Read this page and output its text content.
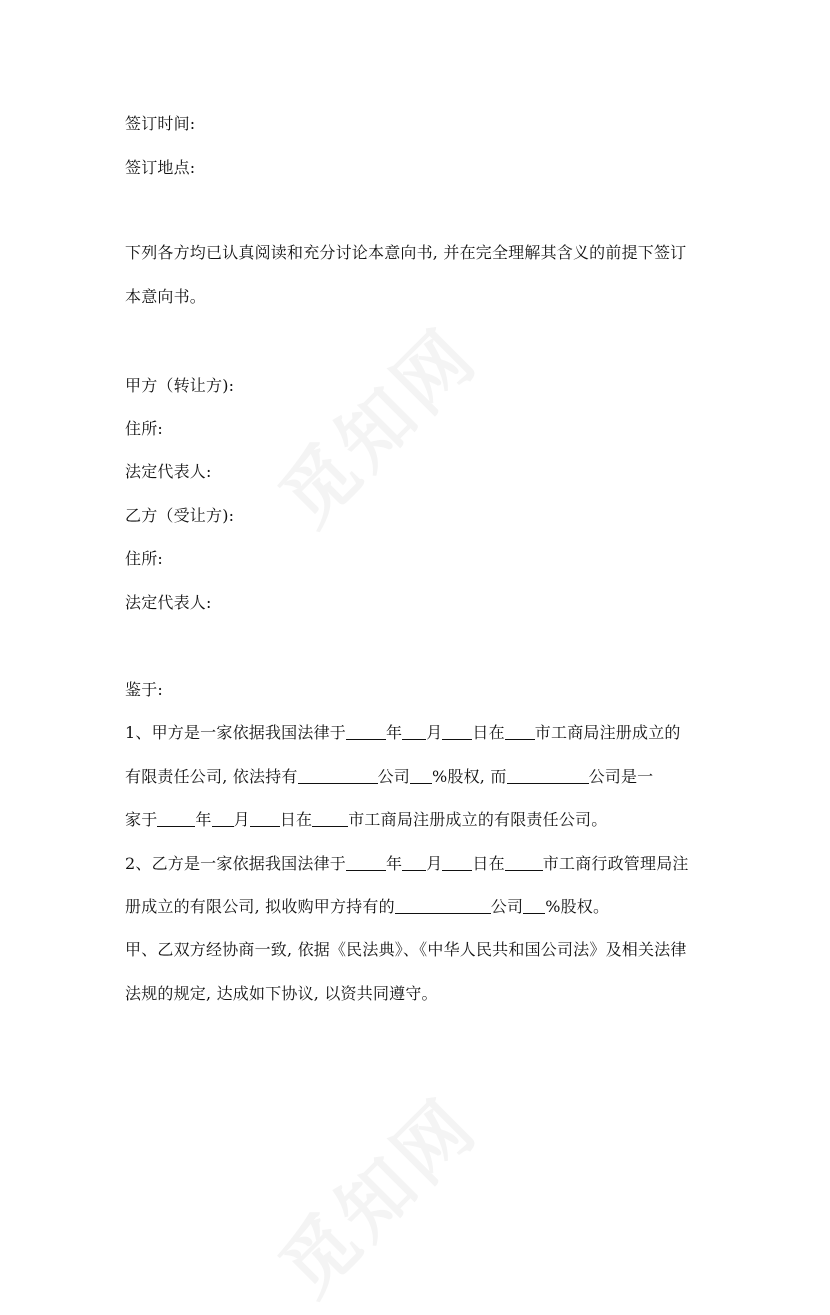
觅知网
觅知网
签订时间:
签订地点:
下列各方均已认真阅读和充分讨论本意向书, 并在完全理解其含义的前提下签订
本意向书。
甲方（转让方):
住所:
法定代表人:
乙方（受让方):
住所:
法定代表人:
鉴于:
1、甲方是一家依据我国法律于	年 月 日在 市工商局注册成立的
有限责任公司, 依法持有	公司 %股权, 而	公司是一
家于 年 月 日在 市工商局注册成立的有限责任公司。
2、乙方是一家依据我国法律于	年 月 日在 市工商行政管理局注
册成立的有限公司, 拟收购甲方持有的	公司 %股权。
甲、乙双方经协商一致, 依据《民法典》、《中华人民共和国公司法》及相关法律
法规的规定, 达成如下协议, 以资共同遵守。
